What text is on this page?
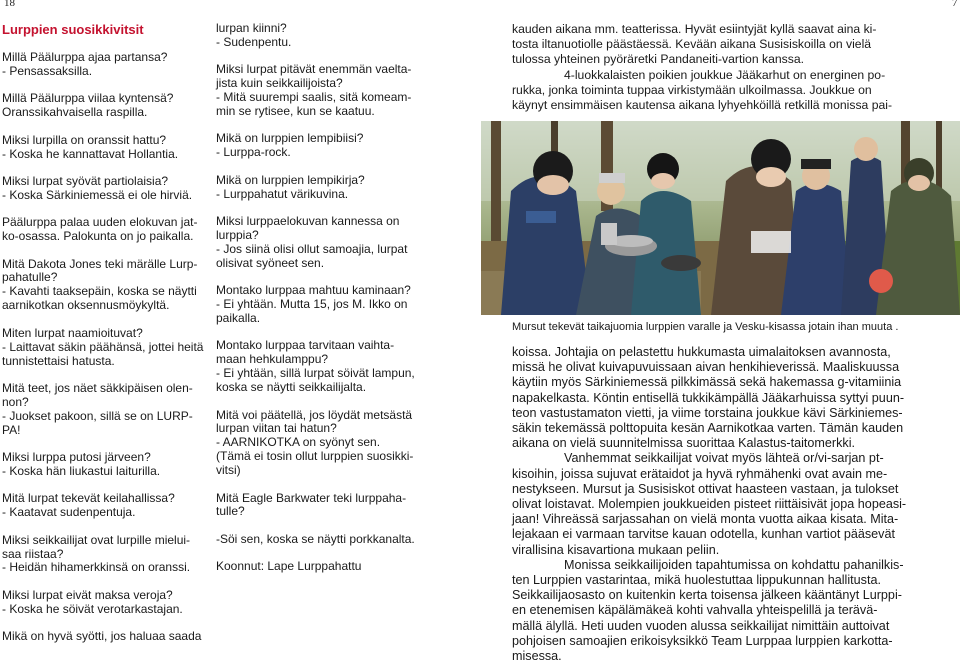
18	7
Lurppien suosikkivitsit

Millä Päälurppa ajaa partansa?
- Pensassaksilla.

Millä Päälurppa viilaa kyntensä?
Oranssikahvaisella raspilla.

Miksi lurpilla on oranssit hattu?
- Koska he kannattavat Hollantia.

Miksi lurpat syövät partiolaisia?
- Koska Särkiniemessä ei ole hirviä.

Päälurppa palaa uuden elokuvan jat-
ko-osassa. Palokunta on jo paikalla.

Mitä Dakota Jones teki märälle Lurp-
pahatulle?
- Kavahti taaksepäin, koska se näytti
aarnikotkan oksennusmöykyltä.

Miten lurpat naamioituvat?
- Laittavat säkin päähänsä, jottei heitä
tunnistettaisi hatusta.

Mitä teet, jos näet säkkipäisen olen-
non?
- Juokset pakoon, sillä se on LURP-
PA!

Miksi lurppa putosi järveen?
- Koska hän liukastui laiturilla.

Mitä lurpat tekevät keilahallissa?
- Kaatavat sudenpentuja.

Miksi seikkailijat ovat lurpille mielui-
saa riistaa?
- Heidän hihamerkkinsä on oranssi.

Miksi lurpat eivät maksa veroja?
- Koska he söivät verotarkastajan.

Mikä on hyvä syötti, jos haluaa saada

lurpan kiinni?
- Sudenpentu.

Miksi lurpat pitävät enemmän vaelta-
jista kuin seikkailijoista?
- Mitä suurempi saalis, sitä komeam-
min se rytisee, kun se kaatuu.

Mikä on lurppien lempibiisi?
- Lurppa-rock.

Mikä on lurppien lempikirja?
- Lurppahatut värikuvina.

Miksi lurppaelokuvan kannessa on
lurppia?
- Jos siinä olisi ollut samoajia, lurpat
olisivat syöneet sen.

Montako lurppaa mahtuu kaminaan?
- Ei yhtään. Mutta 15, jos M. Ikko on
paikalla.

Montako lurppaa tarvitaan vaihta-
maan hehkulamppu?
- Ei yhtään, sillä lurpat söivät lampun,
koska se näytti seikkailijalta.

Mitä voi päätellä, jos löydät metsästä
lurpan viitan tai hatun?
- AARNIKOTKA on syönyt sen.
(Tämä ei tosin ollut lurppien suosikki-
vitsi)

Mitä Eagle Barkwater teki lurppaha-
tulle?

-Söi sen, koska se näytti porkkanalta.

Koonnut: Lape Lurppahattu

kauden aikana mm. teatterissa. Hyvät esiintyjät kyllä saavat aina ki-
tosta iltanuotiolle päästäessä. Kevään aikana Susisiskoilla on vielä
tulossa yhteinen pyöräretki Pandaneiti-vartion kanssa.
4-luokkalaisten poikien joukkue Jääkarhut on energinen po-
rukka, jonka toiminta tuppaa virkistymään ulkoilmassa. Joukkue on
käynyt ensimmäisen kautensa aikana lyhyehköillä retkillä monissa pai-
Mursut tekevät taikajuomia lurppien varalle ja Vesku-kisassa jotain ihan muuta .
koissa. Johtajia on pelastettu hukkumasta uimalaitoksen avannosta,
missä he olivat kuivapuvuissaan aivan henkihieverissä. Maaliskuussa
käytiin myös Särkiniemessä pilkkimässä sekä hakemassa g-vitamiinia
napakelkasta. Köntin entisellä tukkikämpällä Jääkarhuissa syttyi puun-
teon vastustamaton vietti, ja viime torstaina joukkue kävi Särkiniemes-
säkin tekemässä polttopuita kesän Aarnikotkaa varten. Tämän kauden
aikana on vielä suunnitelmissa suorittaa Kalastus-taitomerkki.
Vanhemmat seikkailijat voivat myös lähteä or/vi-sarjan pt-
kisoihin, joissa sujuvat erätaidot ja hyvä ryhmähenki ovat avain me-
nestykseen. Mursut ja Susisiskot ottivat haasteen vastaan, ja tulokset
olivat loistavat. Molempien joukkueiden pisteet riittäisivät jopa hopeasi-
jaan! Vihreässä sarjassahan on vielä monta vuotta aikaa kisata. Mita-
lejakaan ei varmaan tarvitse kauan odotella, kunhan vartiot pääsevät
virallisina kisavartiona mukaan peliin.
Monissa seikkailijoiden tapahtumissa on kohdattu pahanilkis-
ten Lurppien vastarintaa, mikä huolestuttaa lippukunnan hallitusta.
Seikkailijaosasto on kuitenkin kerta toisensa jälkeen kääntänyt Lurppi-
en etenemisen käpälämäkeä kohti vahvalla yhteispelillä ja terävä-
mällä älyllä. Heti uuden vuoden alussa seikkailijat nimittäin auttoivat
pohjoisen samoajien erikoisyksikkö Team Lurppaa lurppien karkotta-
misessa.
